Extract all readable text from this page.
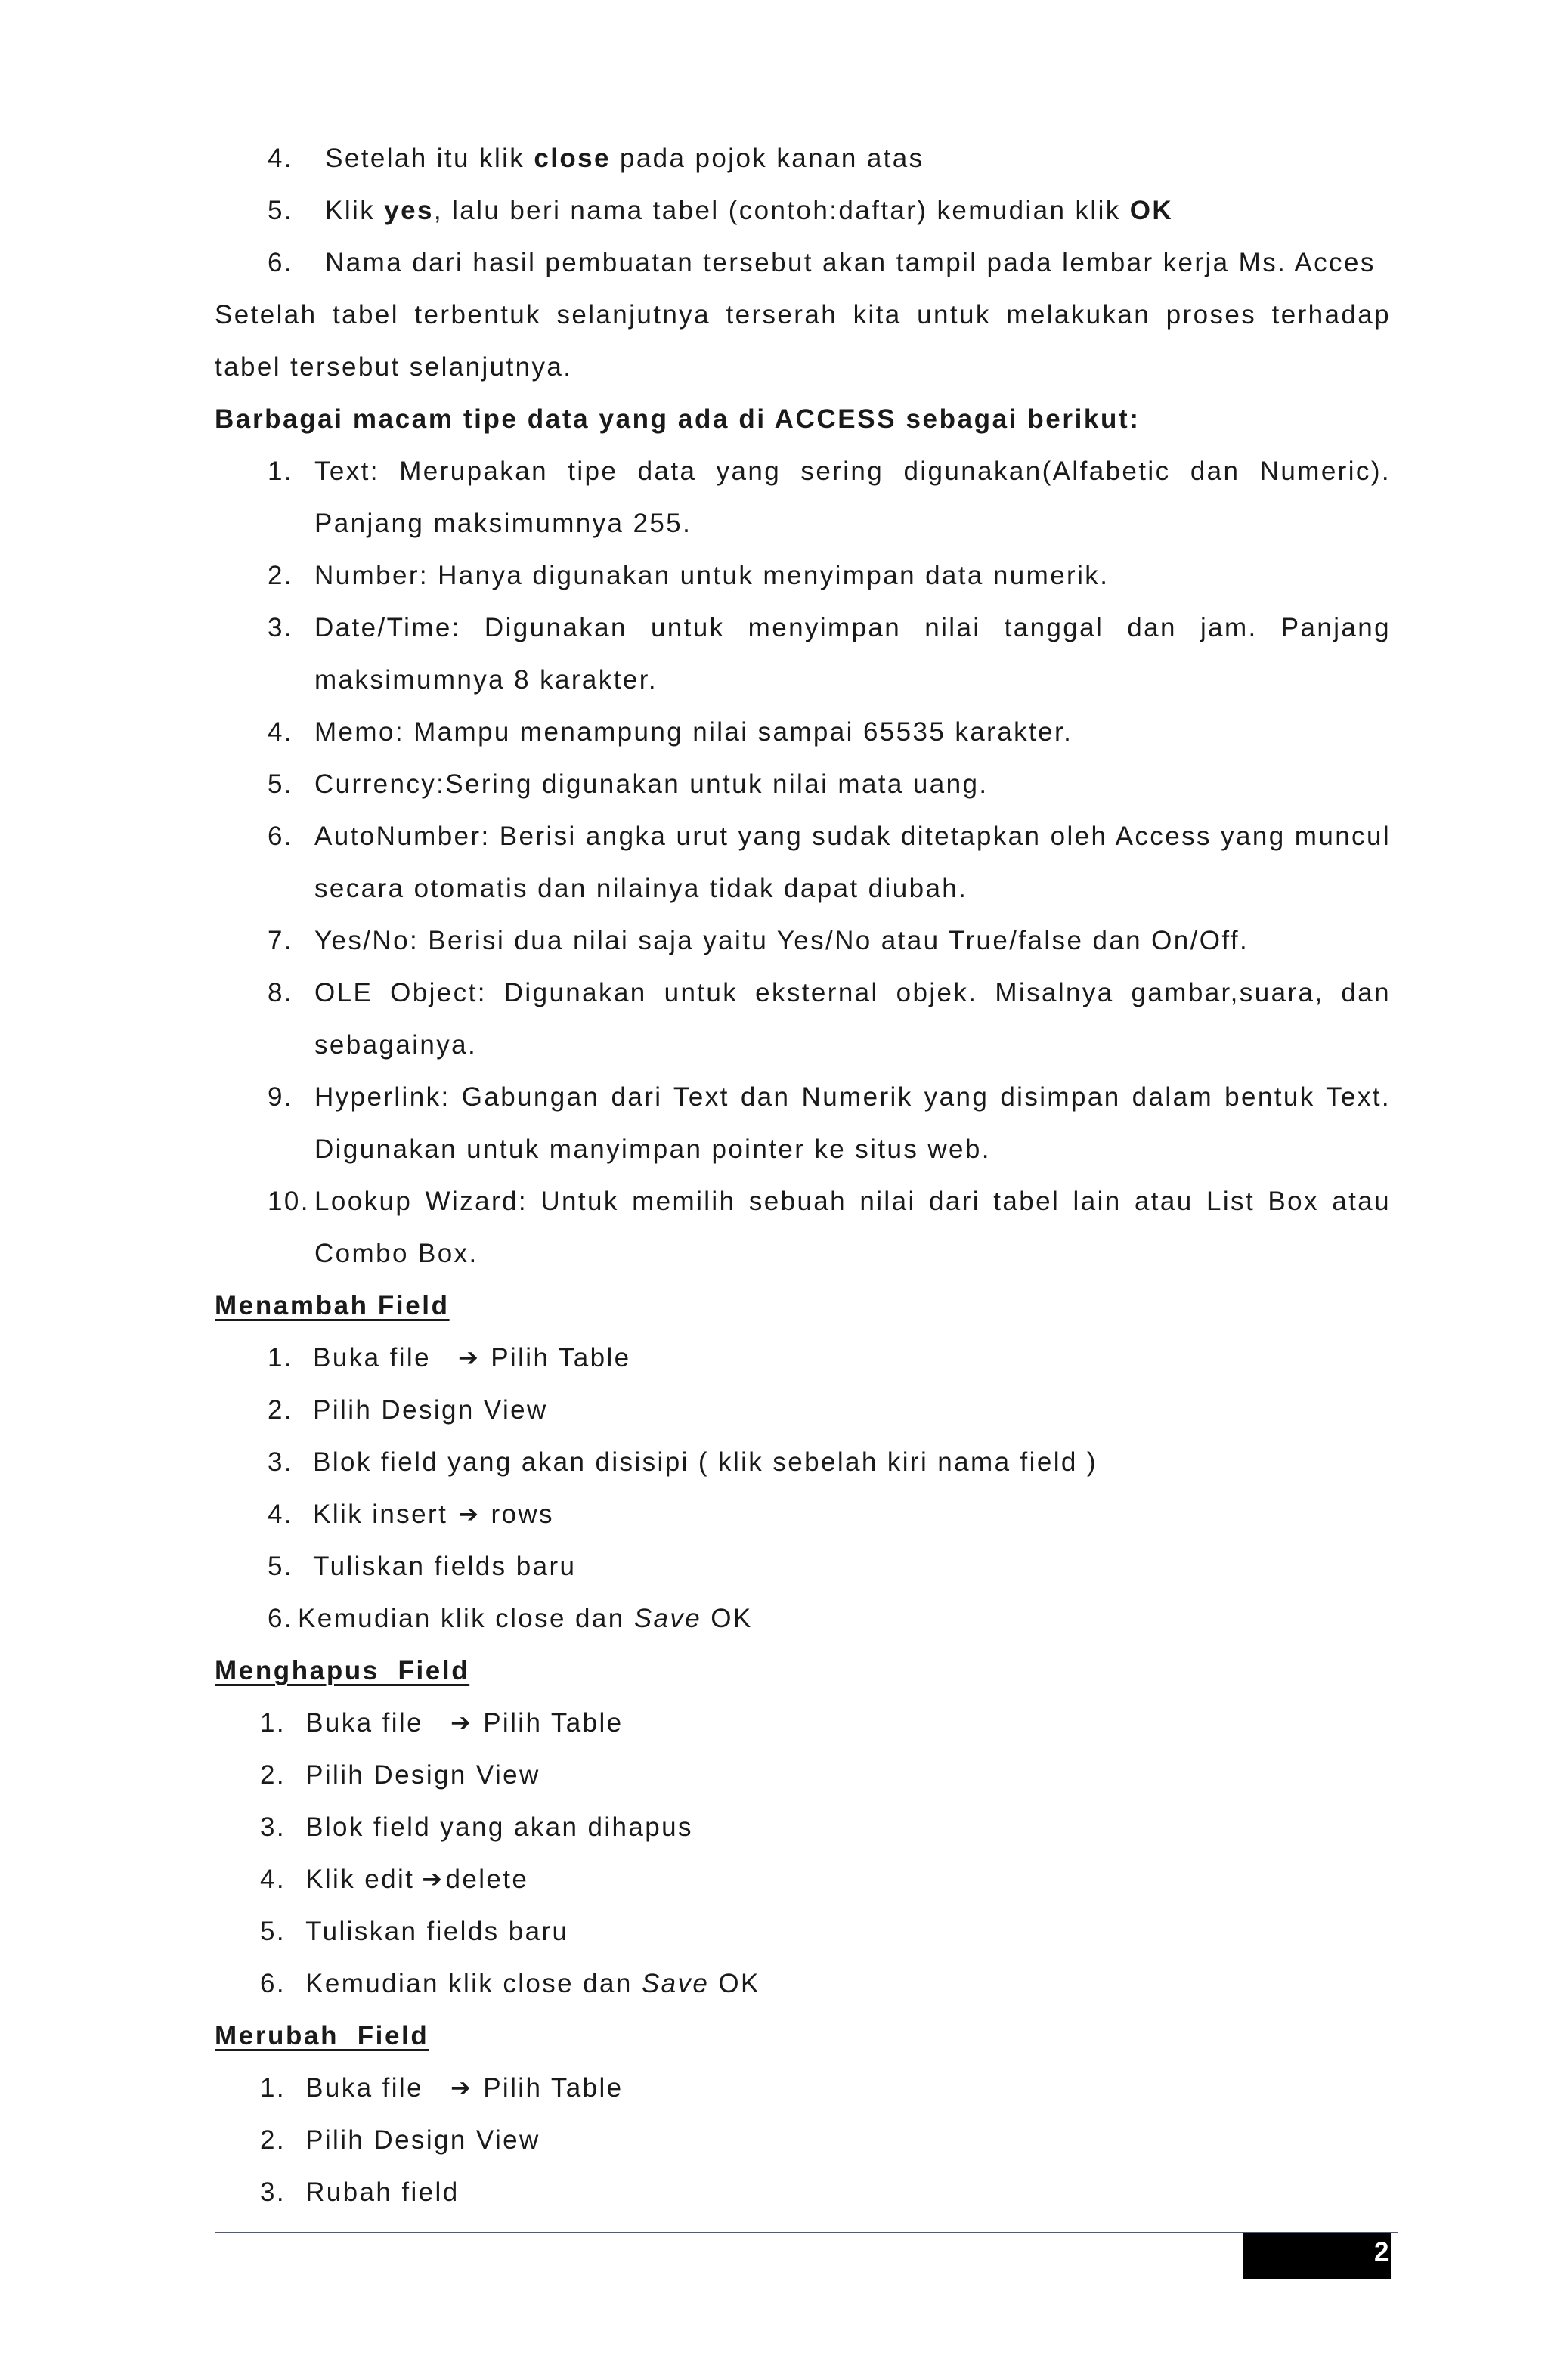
4. Setelah itu klik close pada pojok kanan atas
5. Klik yes, lalu beri nama tabel (contoh:daftar) kemudian klik OK
6. Nama dari hasil pembuatan tersebut akan tampil pada lembar kerja Ms. Acces
Setelah tabel terbentuk selanjutnya terserah kita untuk melakukan proses terhadap
tabel tersebut selanjutnya.
Barbagai macam tipe data yang ada di ACCESS sebagai berikut:
1. Text: Merupakan tipe data yang sering digunakan(Alfabetic dan Numeric).
Panjang maksimumnya 255.
2. Number: Hanya digunakan untuk menyimpan data numerik.
3. Date/Time: Digunakan untuk menyimpan nilai tanggal dan jam. Panjang
maksimumnya 8 karakter.
4. Memo: Mampu menampung nilai sampai 65535 karakter.
5. Currency:Sering digunakan untuk nilai mata uang.
6. AutoNumber: Berisi angka urut yang sudak ditetapkan oleh Access yang muncul
secara otomatis dan nilainya tidak dapat diubah.
7. Yes/No: Berisi dua nilai saja yaitu Yes/No atau True/false dan On/Off.
8. OLE Object: Digunakan untuk eksternal objek. Misalnya gambar,suara, dan
sebagainya.
9. Hyperlink: Gabungan dari Text dan Numerik yang disimpan dalam bentuk Text.
Digunakan untuk manyimpan pointer ke situs web.
10. Lookup Wizard: Untuk memilih sebuah nilai dari tabel lain atau List Box atau
Combo Box.
Menambah Field
1. Buka file ➔ Pilih Table
2. Pilih Design View
3. Blok field yang akan disisipi ( klik sebelah kiri nama field )
4. Klik insert ➔ rows
5. Tuliskan fields baru
6. Kemudian klik close dan Save OK
Menghapus  Field
1. Buka file ➔ Pilih Table
2. Pilih Design View
3. Blok field yang akan dihapus
4. Klik edit ➔delete
5. Tuliskan fields baru
6. Kemudian klik close dan Save OK
Merubah  Field
1. Buka file ➔ Pilih Table
2. Pilih Design View
3. Rubah field
2
